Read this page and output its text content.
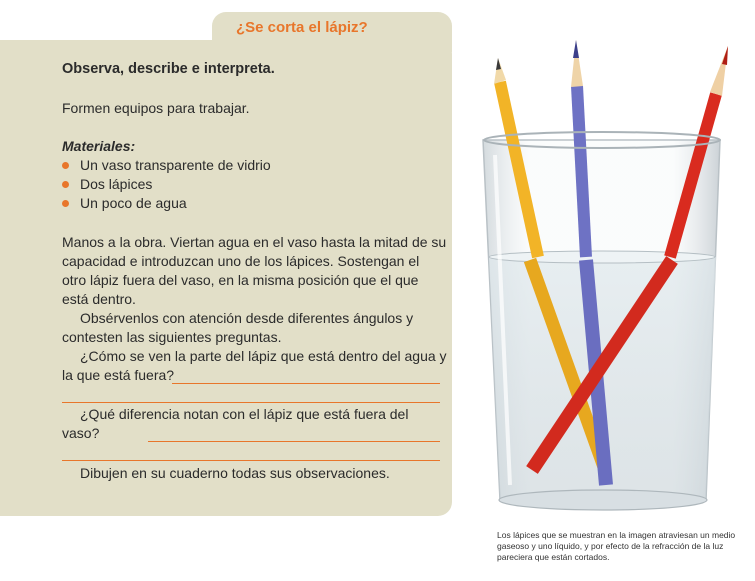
¿Se corta el lápiz?
Observa, describe e interpreta.
Formen equipos para trabajar.
Materiales:
Un vaso transparente de vidrio
Dos lápices
Un poco de agua

Manos a la obra. Viertan agua en el vaso hasta la mitad de su capacidad e introduzcan uno de los lápices. Sostengan el otro lápiz fuera del vaso, en la misma posición que el que está dentro.

Obsérvenlos con atención desde diferentes ángulos y contesten las siguientes preguntas.

¿Cómo se ven la parte del lápiz que está dentro del agua y la que está fuera?

¿Qué diferencia notan con el lápiz que está fuera del vaso?

Dibujen en su cuaderno todas sus observaciones.

Los lápices que se muestran en la imagen atraviesan un medio gaseoso y uno líquido, y por efecto de la refracción de la luz pareciera que están cortados.
